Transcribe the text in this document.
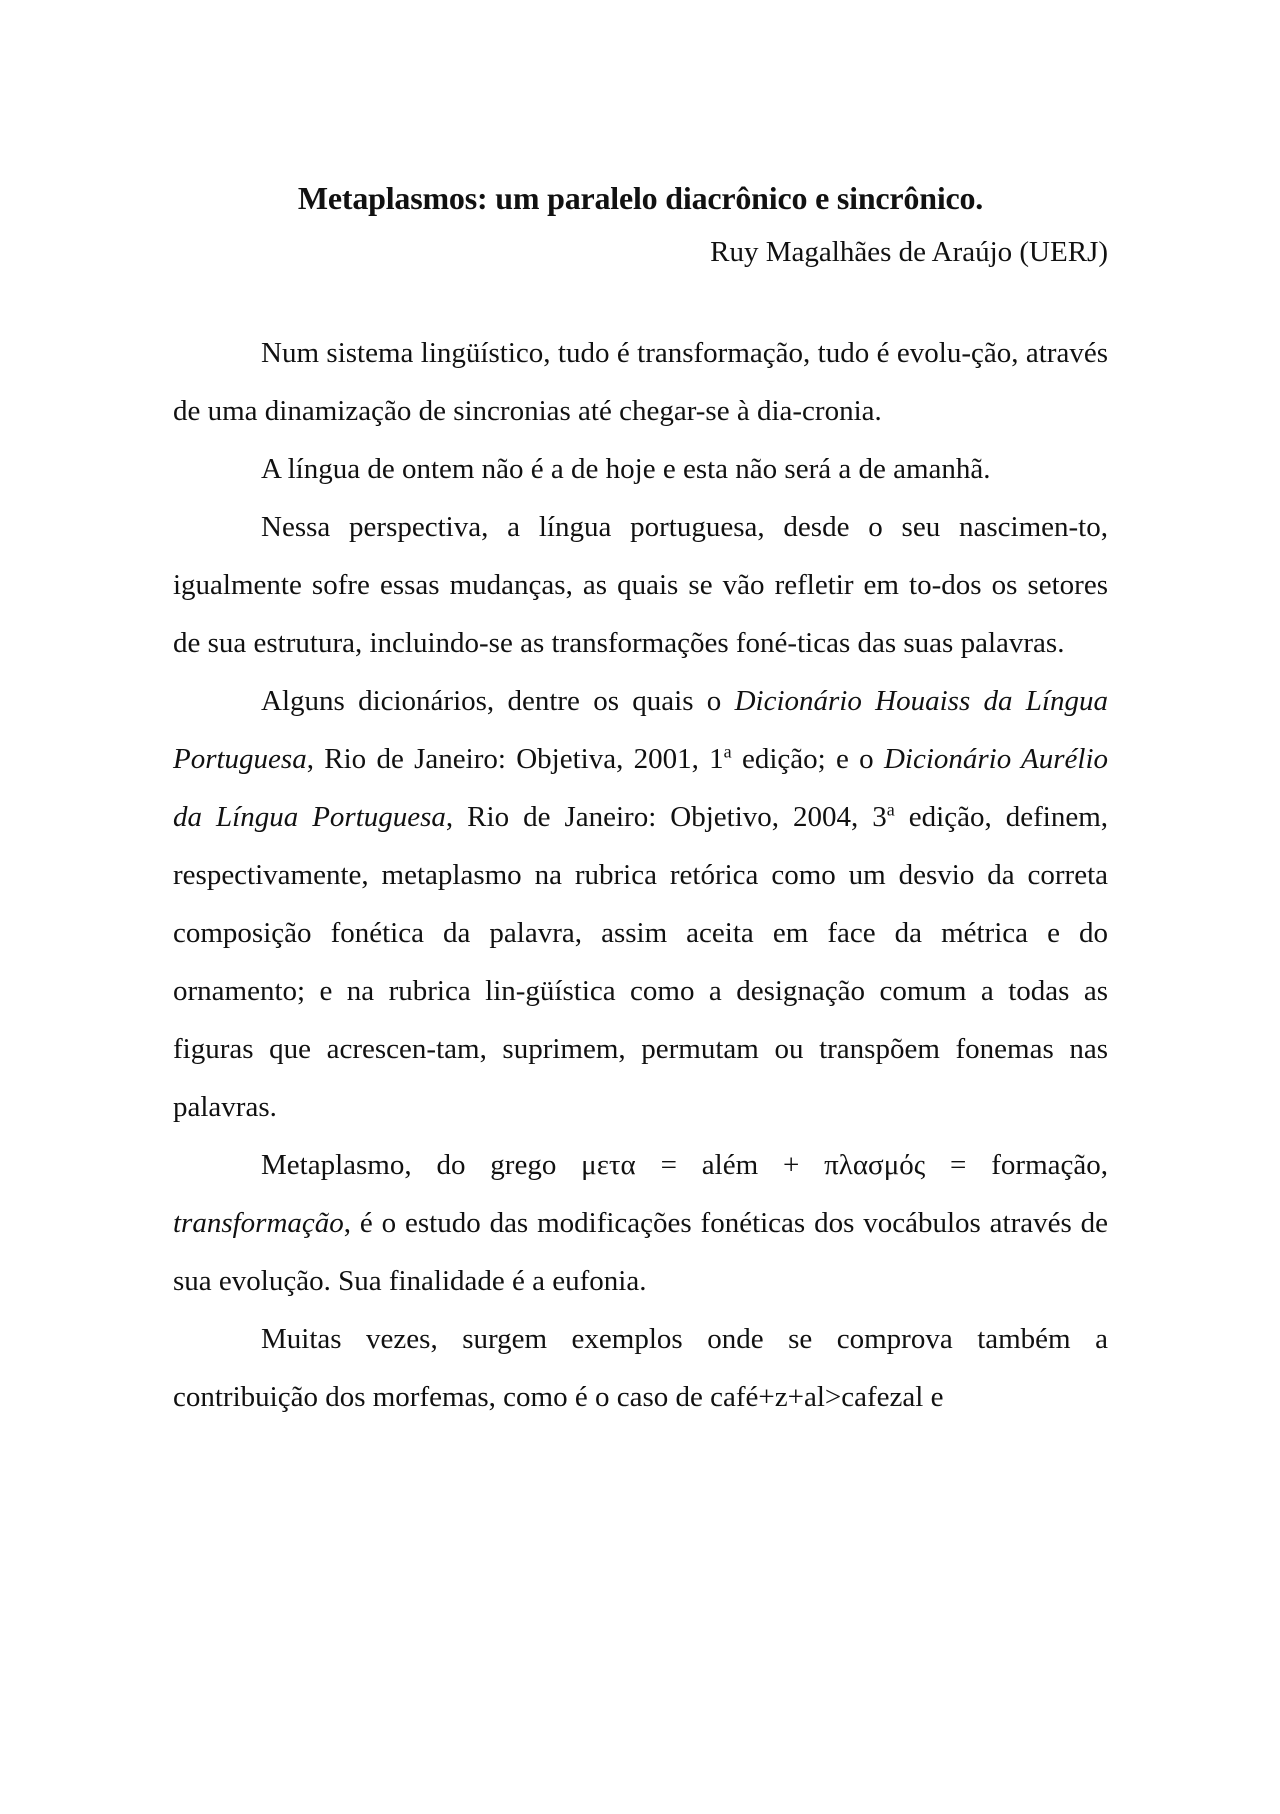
Metaplasmos: um paralelo diacrônico e sincrônico.

Ruy Magalhães de Araújo (UERJ)

Num sistema lingüístico, tudo é transformação, tudo é evolu-ção, através de uma dinamização de sincronias até chegar-se à dia-cronia.

A língua de ontem não é a de hoje e esta não será a de amanhã.

Nessa perspectiva, a língua portuguesa, desde o seu nascimen-to, igualmente sofre essas mudanças, as quais se vão refletir em to-dos os setores de sua estrutura, incluindo-se as transformações foné-ticas das suas palavras.

Alguns dicionários, dentre os quais o Dicionário Houaiss da Língua Portuguesa, Rio de Janeiro: Objetiva, 2001, 1$^a$ edição; e o Dicionário Aurélio da Língua Portuguesa, Rio de Janeiro: Objetivo, 2004, 3$^a$ edição, definem, respectivamente, metaplasmo na rubrica retórica como um desvio da correta composição fonética da palavra, assim aceita em face da métrica e do ornamento; e na rubrica lin-güística como a designação comum a todas as figuras que acrescen-tam, suprimem, permutam ou transpõem fonemas nas palavras.

Metaplasmo, do grego μετα = além + πλασμός = formação, transformação, é o estudo das modificações fonéticas dos vocábulos através de sua evolução. Sua finalidade é a eufonia.

Muitas vezes, surgem exemplos onde se comprova também a contribuição dos morfemas, como é o caso de café+z+al>cafezal e
